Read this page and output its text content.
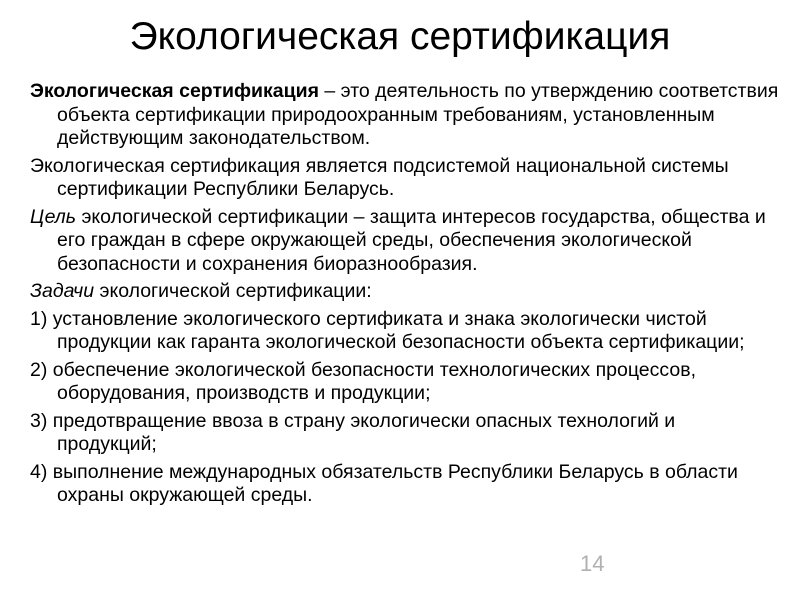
Экологическая сертификация

Экологическая сертификация – это деятельность по утверждению соответствия объекта сертификации природоохранным требованиям, установленным действующим законодательством.

Экологическая сертификация является подсистемой национальной системы сертификации Республики Беларусь.

Цель экологической сертификации – защита интересов государства, общества и его граждан в сфере окружающей среды, обеспечения экологической безопасности и сохранения биоразнообразия.

Задачи экологической сертификации:

1) установление экологического сертификата и знака экологически чистой продукции как гаранта экологической безопасности объекта сертификации;

2) обеспечение экологической безопасности технологических процессов, оборудования, производств и продукции;

3) предотвращение ввоза в страну экологически опасных технологий и продукций;

4) выполнение международных обязательств Республики Беларусь в области охраны окружающей среды.

14
